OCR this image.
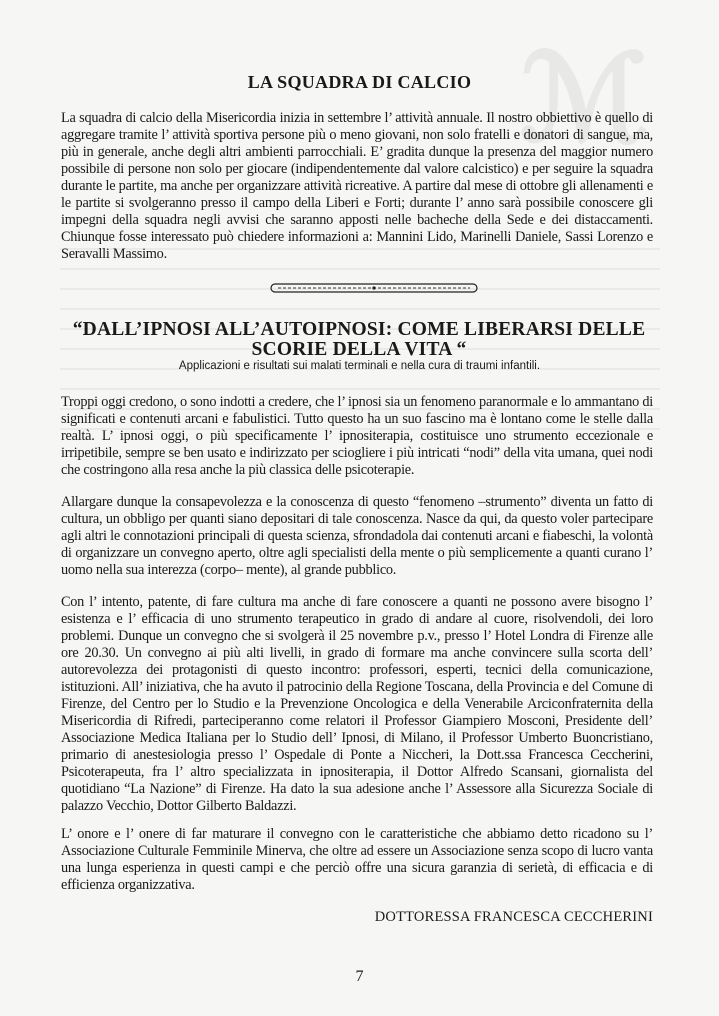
ℳ
LA SQUADRA DI CALCIO
La squadra di calcio della Misericordia inizia in settembre l’ attività annuale. Il nostro obbiettivo è quello di aggregare tramite l’ attività sportiva persone più o meno giovani, non solo fratelli e donatori di sangue, ma, più in generale, anche degli altri ambienti parrocchiali. E’ gradita dunque la presenza del maggior numero possibile di persone non solo per giocare (indipendentemente dal valore calcistico) e per seguire la squadra durante le partite, ma anche per organizzare attività ricreative. A partire dal mese di ottobre gli allenamenti e le partite si svolgeranno presso il campo della Liberi e Forti; durante l’ anno sarà possibile conoscere gli impegni della squadra negli avvisi che saranno apposti nelle bacheche della Sede e dei distaccamenti. Chiunque fosse interessato può chiedere informazioni a: Mannini Lido, Marinelli Daniele, Sassi Lorenzo e Seravalli Massimo.
“DALL’IPNOSI ALL’AUTOIPNOSI: COME LIBERARSI DELLE SCORIE DELLA VITA “
Applicazioni e risultati sui malati terminali e nella cura di traumi infantili.
Troppi oggi credono, o sono indotti a credere, che l’ ipnosi sia un fenomeno paranormale e lo ammantano di significati e contenuti arcani e fabulistici. Tutto questo ha un suo fascino ma è lontano come le stelle dalla realtà. L’ ipnosi oggi, o più specificamente l’ ipnositerapia, costituisce uno strumento eccezionale e irripetibile, sempre se ben usato e indirizzato per sciogliere i più intricati “nodi” della vita umana, quei nodi che costringono alla resa anche la più classica delle psicoterapie.
Allargare dunque la consapevolezza e la conoscenza di questo “fenomeno –strumento” diventa un fatto di cultura, un obbligo per quanti siano depositari di tale conoscenza. Nasce da qui, da questo voler partecipare agli altri le connotazioni principali di questa scienza, sfrondadola dai contenuti arcani e fiabeschi, la volontà di organizzare un convegno aperto, oltre agli specialisti della mente o più semplicemente a quanti curano l’ uomo nella sua interezza (corpo– mente), al grande pubblico.
Con l’ intento, patente, di fare cultura ma anche di fare conoscere a quanti ne possono avere bisogno l’ esistenza e l’ efficacia di uno strumento terapeutico in grado di andare al cuore, risolvendoli, dei loro problemi. Dunque un convegno che si svolgerà il 25 novembre p.v., presso l’ Hotel Londra di Firenze alle ore 20.30. Un convegno ai più alti livelli, in grado di formare ma anche convincere sulla scorta dell’ autorevolezza dei protagonisti di questo incontro: professori, esperti, tecnici della comunicazione, istituzioni. All’ iniziativa, che ha avuto il patrocinio della Regione Toscana, della Provincia e del Comune di Firenze, del Centro per lo Studio e la Prevenzione Oncologica e della Venerabile Arciconfraternita della Misericordia di Rifredi, parteciperanno come relatori il Professor Giampiero Mosconi, Presidente dell’ Associazione Medica Italiana per lo Studio dell’ Ipnosi, di Milano, il Professor Umberto Buoncristiano, primario di anestesiologia presso l’ Ospedale di Ponte a Niccheri, la Dott.ssa Francesca Ceccherini, Psicoterapeuta, fra l’ altro specializzata in ipnositerapia, il Dottor Alfredo Scansani, giornalista del quotidiano “La Nazione” di Firenze. Ha dato la sua adesione anche l’ Assessore alla Sicurezza Sociale di palazzo Vecchio, Dottor Gilberto Baldazzi.
L’ onore e l’ onere di far maturare il convegno con le caratteristiche che abbiamo detto ricadono su l’ Associazione Culturale Femminile Minerva, che oltre ad essere un Associazione senza scopo di lucro vanta una lunga esperienza in questi campi e che perciò offre una sicura garanzia di serietà, di efficacia e di efficienza organizzativa.
DOTTORESSA FRANCESCA CECCHERINI
7
